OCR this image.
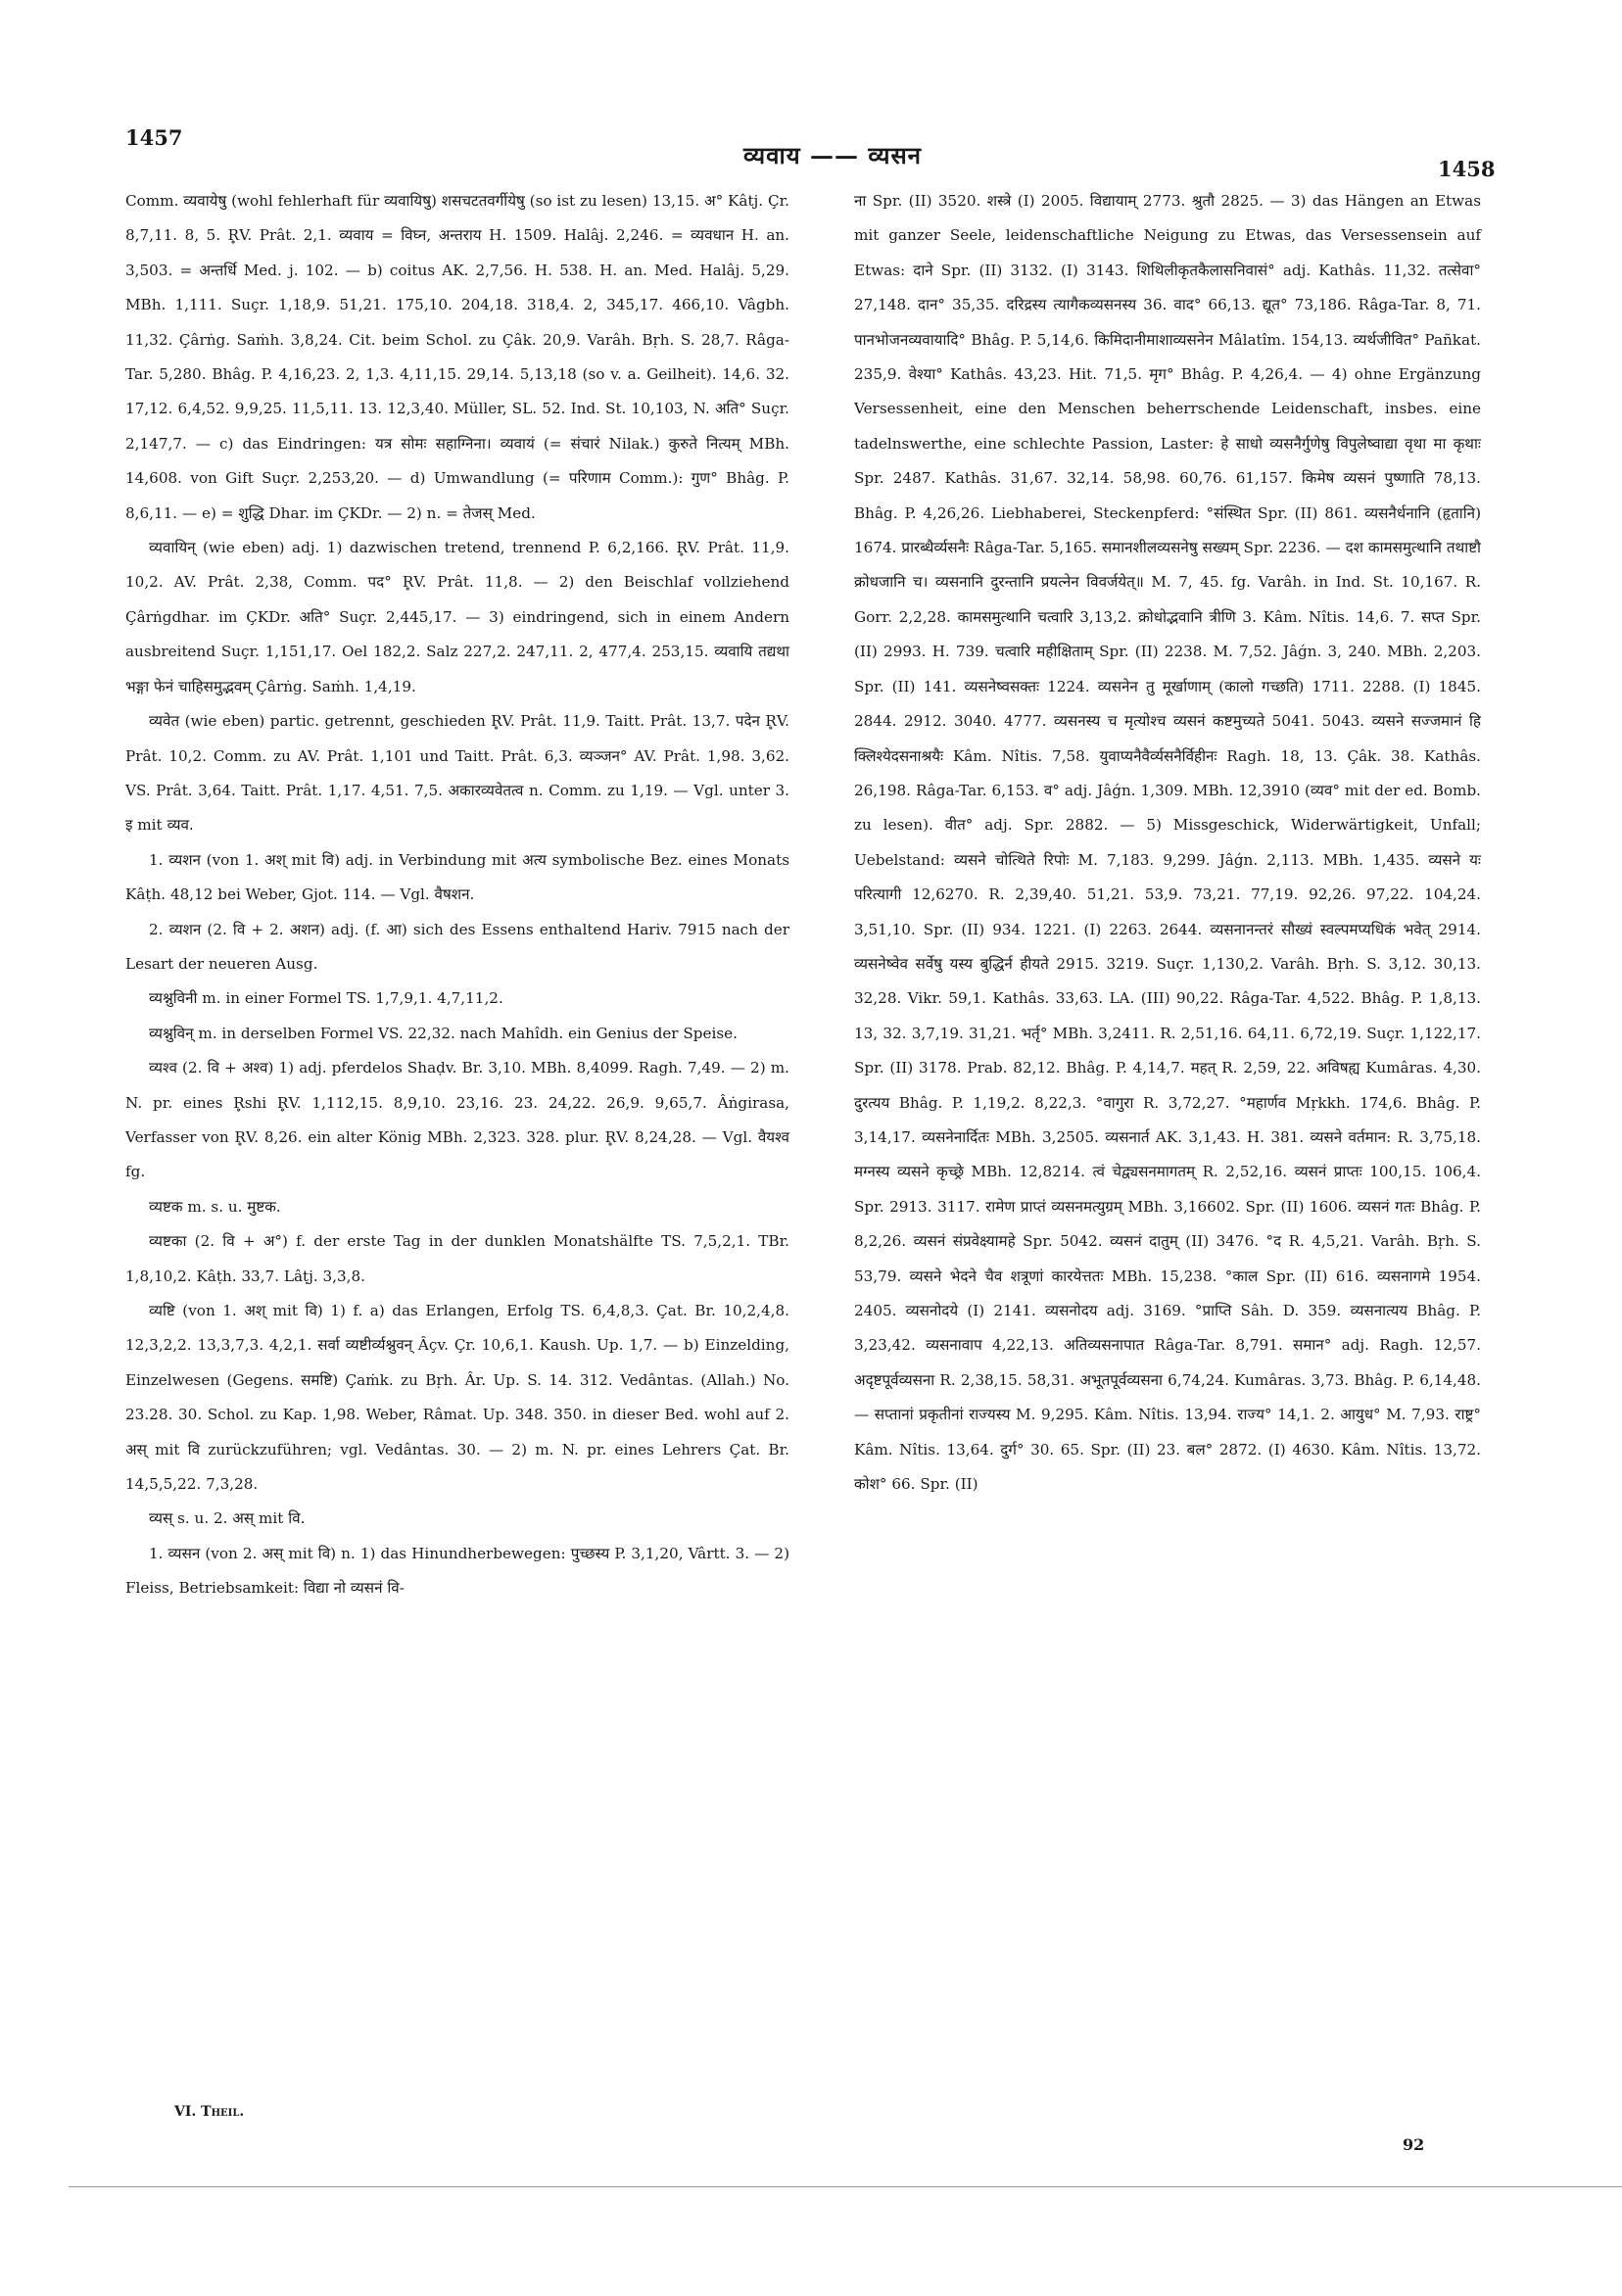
1457
व्यवाय —— व्यसन	1458

Comm. व्यवायेषु (wohl fehlerhaft für व्यवायिषु) शसचटतवर्गीयेषु (so ist zu lesen) 13,15. अ° Kâtj. Çr. 8,7,11. 8, 5. R̥V. Prât. 2,1. व्यवाय = विघ्न, अन्तराय H. 1509. Halâj. 2,246. = व्यवधान H. an. 3,503. = अन्तर्धि Med. j. 102. — b) coitus AK. 2,7,56. H. 538. H. an. Med. Halâj. 5,29. MBh. 1,111. Suçr. 1,18,9. 51,21. 175,10. 204,18. 318,4. 2, 345,17. 466,10. Vâgbh. 11,32. Çârṅg. Saṁh. 3,8,24. Cit. beim Schol. zu Çâk. 20,9. Varâh. Bṛh. S. 28,7. Râga-Tar. 5,280. Bhâg. P. 4,16,23. 2, 1,3. 4,11,15. 29,14. 5,13,18 (so v. a. Geilheit). 14,6. 32. 17,12. 6,4,52. 9,9,25. 11,5,11. 13. 12,3,40. Müller, SL. 52. Ind. St. 10,103, N. अति° Suçr. 2,147,7. — c) das Eindringen: यत्र सोमः सहाग्निना। व्यवायं (= संचारं Nilak.) कुरुते नित्यम् MBh. 14,608. von Gift Suçr. 2,253,20. — d) Umwandlung (= परिणाम Comm.): गुण° Bhâg. P. 8,6,11. — e) = शुद्धि Dhar. im ÇKDr. — 2) n. = तेजस् Med.

व्यवायिन् (wie eben) adj. 1) dazwischen tretend, trennend P. 6,2,166. R̥V. Prât. 11,9. 10,2. AV. Prât. 2,38, Comm. पद° R̥V. Prât. 11,8. — 2) den Beischlaf vollziehend Çârṅgdhar. im ÇKDr. अति° Suçr. 2,445,17. — 3) eindringend, sich in einem Andern ausbreitend Suçr. 1,151,17. Oel 182,2. Salz 227,2. 247,11. 2, 477,4. 253,15. व्यवायि तद्यथा भङ्गा फेनं चाहिसमुद्भवम् Çârṅg. Saṁh. 1,4,19.

व्यवेत (wie eben) partic. getrennt, geschieden R̥V. Prât. 11,9. Taitt. Prât. 13,7. पदेन R̥V. Prât. 10,2. Comm. zu AV. Prât. 1,101 und Taitt. Prât. 6,3. व्यञ्जन° AV. Prât. 1,98. 3,62. VS. Prât. 3,64. Taitt. Prât. 1,17. 4,51. 7,5. अकारव्यवेतत्व n. Comm. zu 1,19. — Vgl. unter 3. इ mit व्यव.

1. व्यशन (von 1. अश् mit वि) adj. in Verbindung mit अत्य symbolische Bez. eines Monats Kâṭh. 48,12 bei Weber, Gjot. 114. — Vgl. वैषशन.

2. व्यशन (2. वि + 2. अशन) adj. (f. आ) sich des Essens enthaltend Hariv. 7915 nach der Lesart der neueren Ausg.

व्यश्नुविनी m. in einer Formel TS. 1,7,9,1. 4,7,11,2.

व्यश्नुविन् m. in derselben Formel VS. 22,32. nach Mahîdh. ein Genius der Speise.

व्यश्व (2. वि + अश्व) 1) adj. pferdelos Shaḍv. Br. 3,10. MBh. 8,4099. Ragh. 7,49. — 2) m. N. pr. eines R̥shi R̥V. 1,112,15. 8,9,10. 23,16. 23. 24,22. 26,9. 9,65,7. Âṅgirasa, Verfasser von R̥V. 8,26. ein alter König MBh. 2,323. 328. plur. R̥V. 8,24,28. — Vgl. वैयश्व fg.

व्यष्टक m. s. u. मुष्टक.

व्यष्टका (2. वि + अ°) f. der erste Tag in der dunklen Monatshälfte TS. 7,5,2,1. TBr. 1,8,10,2. Kâṭh. 33,7. Lâṭj. 3,3,8.

व्यष्टि (von 1. अश् mit वि) 1) f. a) das Erlangen, Erfolg TS. 6,4,8,3. Çat. Br. 10,2,4,8. 12,3,2,2. 13,3,7,3. 4,2,1. सर्वा व्यष्टीर्व्यश्नुवन् Âçv. Çr. 10,6,1. Kaush. Up. 1,7. — b) Einzelding, Einzelwesen (Gegens. समष्टि) Çaṁk. zu Bṛh. Âr. Up. S. 14. 312. Vedântas. (Allah.) No. 23.28. 30. Schol. zu Kap. 1,98. Weber, Râmat. Up. 348. 350. in dieser Bed. wohl auf 2. अस् mit वि zurückzuführen; vgl. Vedântas. 30. — 2) m. N. pr. eines Lehrers Çat. Br. 14,5,5,22. 7,3,28.

व्यस् s. u. 2. अस् mit वि.

1. व्यसन (von 2. अस् mit वि) n. 1) das Hinundherbewegen: पुच्छस्य P. 3,1,20, Vârtt. 3. — 2) Fleiss, Betriebsamkeit: विद्या नो व्यसनं वि-

ना Spr. (II) 3520. शस्त्रे (I) 2005. विद्यायाम् 2773. श्रुतौ 2825. — 3) das Hängen an Etwas mit ganzer Seele, leidenschaftliche Neigung zu Etwas, das Versessensein auf Etwas: दाने Spr. (II) 3132. (I) 3143. शिथिलीकृतकैलासनिवासं° adj. Kathâs. 11,32. तत्सेवा° 27,148. दान° 35,35. दरिद्रस्य त्यागैकव्यसनस्य 36. वाद° 66,13. द्यूत° 73,186. Râga-Tar. 8, 71. पानभोजनव्यवायादि° Bhâg. P. 5,14,6. किमिदानीमाशाव्यसनेन Mâlatîm. 154,13. व्यर्थजीवित° Pañkat. 235,9. वेश्या° Kathâs. 43,23. Hit. 71,5. मृग° Bhâg. P. 4,26,4. — 4) ohne Ergänzung Versessenheit, eine den Menschen beherrschende Leidenschaft, insbes. eine tadelnswerthe, eine schlechte Passion, Laster: हे साधो व्यसनैर्गुणेषु विपुलेष्वाद्या वृथा मा कृथाः Spr. 2487. Kathâs. 31,67. 32,14. 58,98. 60,76. 61,157. किमेष व्यसनं पुष्णाति 78,13. Bhâg. P. 4,26,26. Liebhaberei, Steckenpferd: °संस्थित Spr. (II) 861. व्यसनैर्धनानि (हृतानि) 1674. प्रारब्धैर्व्यसनैः Râga-Tar. 5,165. समानशीलव्यसनेषु सख्यम् Spr. 2236. — दश कामसमुत्थानि तथाष्टौ क्रोधजानि च। व्यसनानि दुरन्तानि प्रयत्नेन विवर्जयेत्॥ M. 7, 45. fg. Varâh. in Ind. St. 10,167. R. Gorr. 2,2,28. कामसमुत्थानि चत्वारि 3,13,2. क्रोधोद्भवानि त्रीणि 3. Kâm. Nîtis. 14,6. 7. सप्त Spr. (II) 2993. H. 739. चत्वारि महीक्षिताम् Spr. (II) 2238. M. 7,52. Jâǵn. 3, 240. MBh. 2,203. Spr. (II) 141. व्यसनेष्वसक्तः 1224. व्यसनेन तु मूर्खाणाम् (कालो गच्छति) 1711. 2288. (I) 1845. 2844. 2912. 3040. 4777. व्यसनस्य च मृत्योश्च व्यसनं कष्टमुच्यते 5041. 5043. व्यसने सज्जमानं हि क्लिश्येदसनाश्रयैः Kâm. Nîtis. 7,58. युवाप्यनैवैर्व्यसनैर्विहीनः Ragh. 18, 13. Çâk. 38. Kathâs. 26,198. Râga-Tar. 6,153. व° adj. Jâǵn. 1,309. MBh. 12,3910 (व्यव° mit der ed. Bomb. zu lesen). वीत° adj. Spr. 2882. — 5) Missgeschick, Widerwärtigkeit, Unfall; Uebelstand: व्यसने चोत्थिते रिपोः M. 7,183. 9,299. Jâǵn. 2,113. MBh. 1,435. व्यसने यः परित्यागी 12,6270. R. 2,39,40. 51,21. 53,9. 73,21. 77,19. 92,26. 97,22. 104,24. 3,51,10. Spr. (II) 934. 1221. (I) 2263. 2644. व्यसनानन्तरं सौख्यं स्वल्पमप्यधिकं भवेत् 2914. व्यसनेष्वेव सर्वेषु यस्य बुद्धिर्न हीयते 2915. 3219. Suçr. 1,130,2. Varâh. Bṛh. S. 3,12. 30,13. 32,28. Vikr. 59,1. Kathâs. 33,63. LA. (III) 90,22. Râga-Tar. 4,522. Bhâg. P. 1,8,13. 13, 32. 3,7,19. 31,21. भर्तृ° MBh. 3,2411. R. 2,51,16. 64,11. 6,72,19. Suçr. 1,122,17. Spr. (II) 3178. Prab. 82,12. Bhâg. P. 4,14,7. महत् R. 2,59, 22. अविषह्य Kumâras. 4,30. दुरत्यय Bhâg. P. 1,19,2. 8,22,3. °वागुरा R. 3,72,27. °महार्णव Mṛkkh. 174,6. Bhâg. P. 3,14,17. व्यसनेनार्दितः MBh. 3,2505. व्यसनार्त AK. 3,1,43. H. 381. व्यसने वर्तमान: R. 3,75,18. मग्नस्य व्यसने कृच्छ्रे MBh. 12,8214. त्वं चेद्व्यसनमागतम् R. 2,52,16. व्यसनं प्राप्तः 100,15. 106,4. Spr. 2913. 3117. रामेण प्राप्तं व्यसनमत्युग्रम् MBh. 3,16602. Spr. (II) 1606. व्यसनं गतः Bhâg. P. 8,2,26. व्यसनं संप्रवेक्ष्यामहे Spr. 5042. व्यसनं दातुम् (II) 3476. °द R. 4,5,21. Varâh. Bṛh. S. 53,79. व्यसने भेदने चैव शत्रूणां कारयेत्ततः MBh. 15,238. °काल Spr. (II) 616. व्यसनागमे 1954. 2405. व्यसनोदये (I) 2141. व्यसनोदय adj. 3169. °प्राप्ति Sâh. D. 359. व्यसनात्यय Bhâg. P. 3,23,42. व्यसनावाप 4,22,13. अतिव्यसनापात Râga-Tar. 8,791. समान° adj. Ragh. 12,57. अदृष्टपूर्वव्यसना R. 2,38,15. 58,31. अभूतपूर्वव्यसना 6,74,24. Kumâras. 3,73. Bhâg. P. 6,14,48. — सप्तानां प्रकृतीनां राज्यस्य M. 9,295. Kâm. Nîtis. 13,94. राज्य° 14,1. 2. आयुध° M. 7,93. राष्ट्र° Kâm. Nîtis. 13,64. दुर्ग° 30. 65. Spr. (II) 23. बल° 2872. (I) 4630. Kâm. Nîtis. 13,72. कोश° 66. Spr. (II)

VI. Theil.
92
